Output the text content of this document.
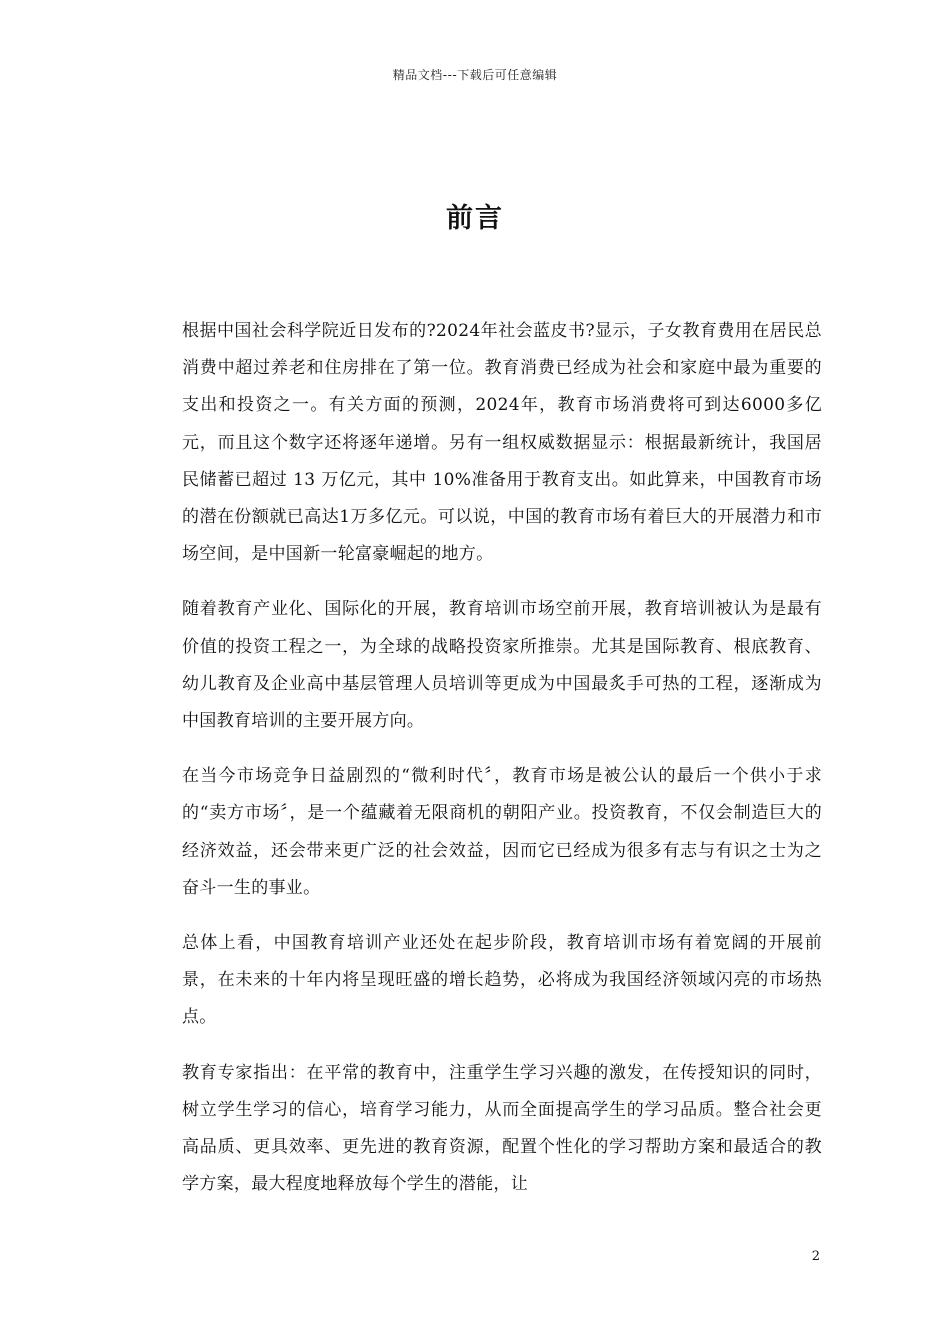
精品文档---下载后可任意编辑
前言

根据中国社会科学院近日发布的?2024年社会蓝皮书?显示，子女教育费用在居民总消费中超过养老和住房排在了第一位。教育消费已经成为社会和家庭中最为重要的支出和投资之一。有关方面的预测，2024年，教育市场消费将可到达6000多亿元，而且这个数字还将逐年递增。另有一组权威数据显示：根据最新统计，我国居民储蓄已超过 13 万亿元，其中 10%准备用于教育支出。如此算来，中国教育市场的潜在份额就已高达1万多亿元。可以说，中国的教育市场有着巨大的开展潜力和市场空间，是中国新一轮富豪崛起的地方。

随着教育产业化、国际化的开展，教育培训市场空前开展，教育培训被认为是最有价值的投资工程之一，为全球的战略投资家所推崇。尤其是国际教育、根底教育、幼儿教育及企业高中基层管理人员培训等更成为中国最炙手可热的工程，逐渐成为中国教育培训的主要开展方向。

在当今市场竞争日益剧烈的“微利时代〞，教育市场是被公认的最后一个供小于求的“卖方市场〞，是一个蕴藏着无限商机的朝阳产业。投资教育，不仅会制造巨大的经济效益，还会带来更广泛的社会效益，因而它已经成为很多有志与有识之士为之奋斗一生的事业。

总体上看，中国教育培训产业还处在起步阶段，教育培训市场有着宽阔的开展前景，在未来的十年内将呈现旺盛的增长趋势，必将成为我国经济领域闪亮的市场热点。

教育专家指出：在平常的教育中，注重学生学习兴趣的激发，在传授知识的同时，树立学生学习的信心，培育学习能力，从而全面提高学生的学习品质。整合社会更高品质、更具效率、更先进的教育资源，配置个性化的学习帮助方案和最适合的教学方案，最大程度地释放每个学生的潜能，让

2
